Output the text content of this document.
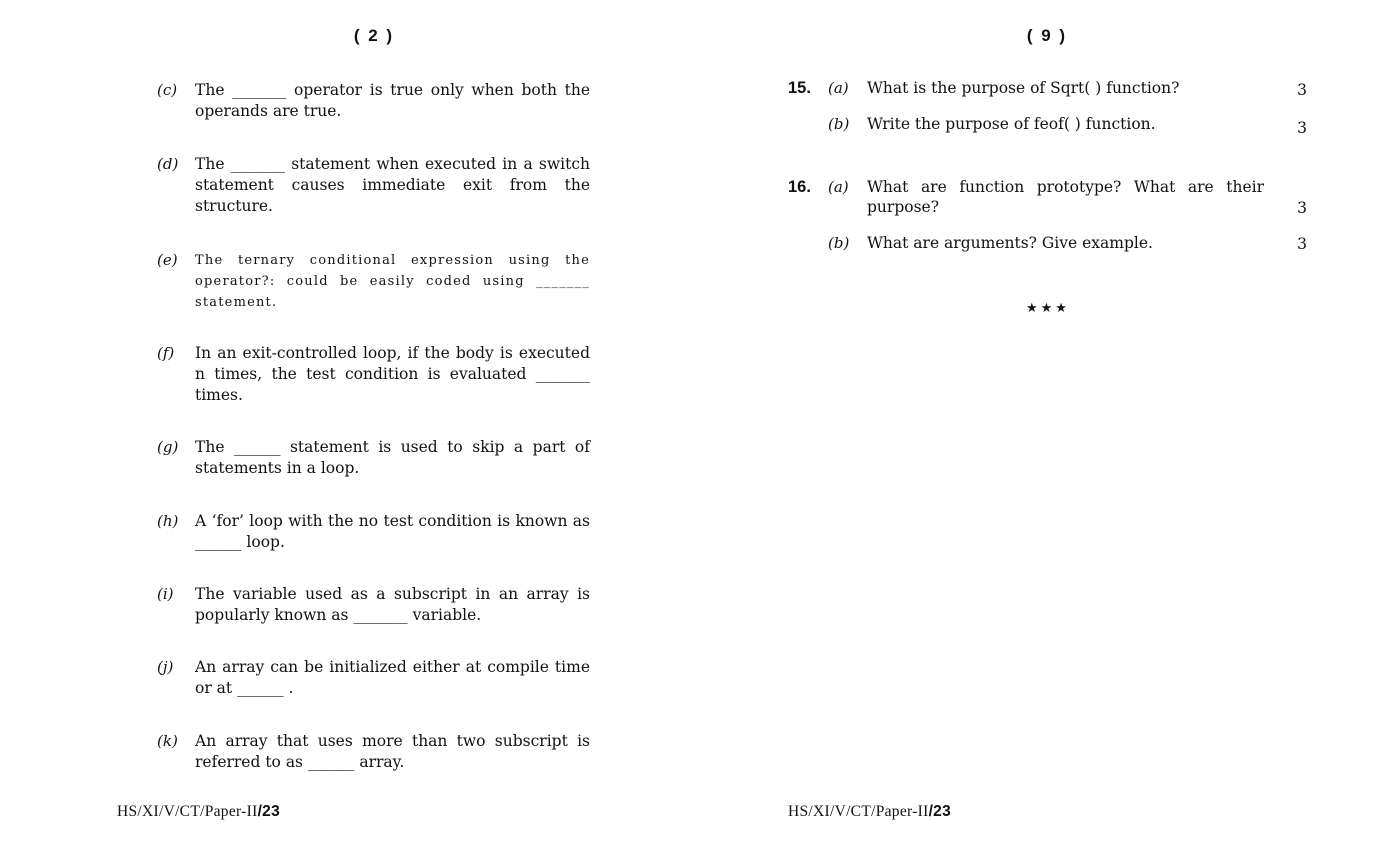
( 2 )
(c) The _______ operator is true only when both the operands are true.
(d) The _______ statement when executed in a switch statement causes immediate exit from the structure.
(e) The ternary conditional expression using the operator?: could be easily coded using _______ statement.
(f) In an exit-controlled loop, if the body is executed n times, the test condition is evaluated _______ times.
(g) The ______ statement is used to skip a part of statements in a loop.
(h) A ‘for’ loop with the no test condition is known as ______ loop.
(i) The variable used as a subscript in an array is popularly known as _______ variable.
(j) An array can be initialized either at compile time or at ______ .
(k) An array that uses more than two subscript is referred to as ______ array.
HS/XI/V/CT/Paper-II/23
( 9 )
15. (a) What is the purpose of Sqrt( ) function?	3
(b) Write the purpose of feof( ) function.	3
16. (a) What are function prototype? What are their purpose?	3
(b) What are arguments? Give example.	3
★★★
HS/XI/V/CT/Paper-II/23
